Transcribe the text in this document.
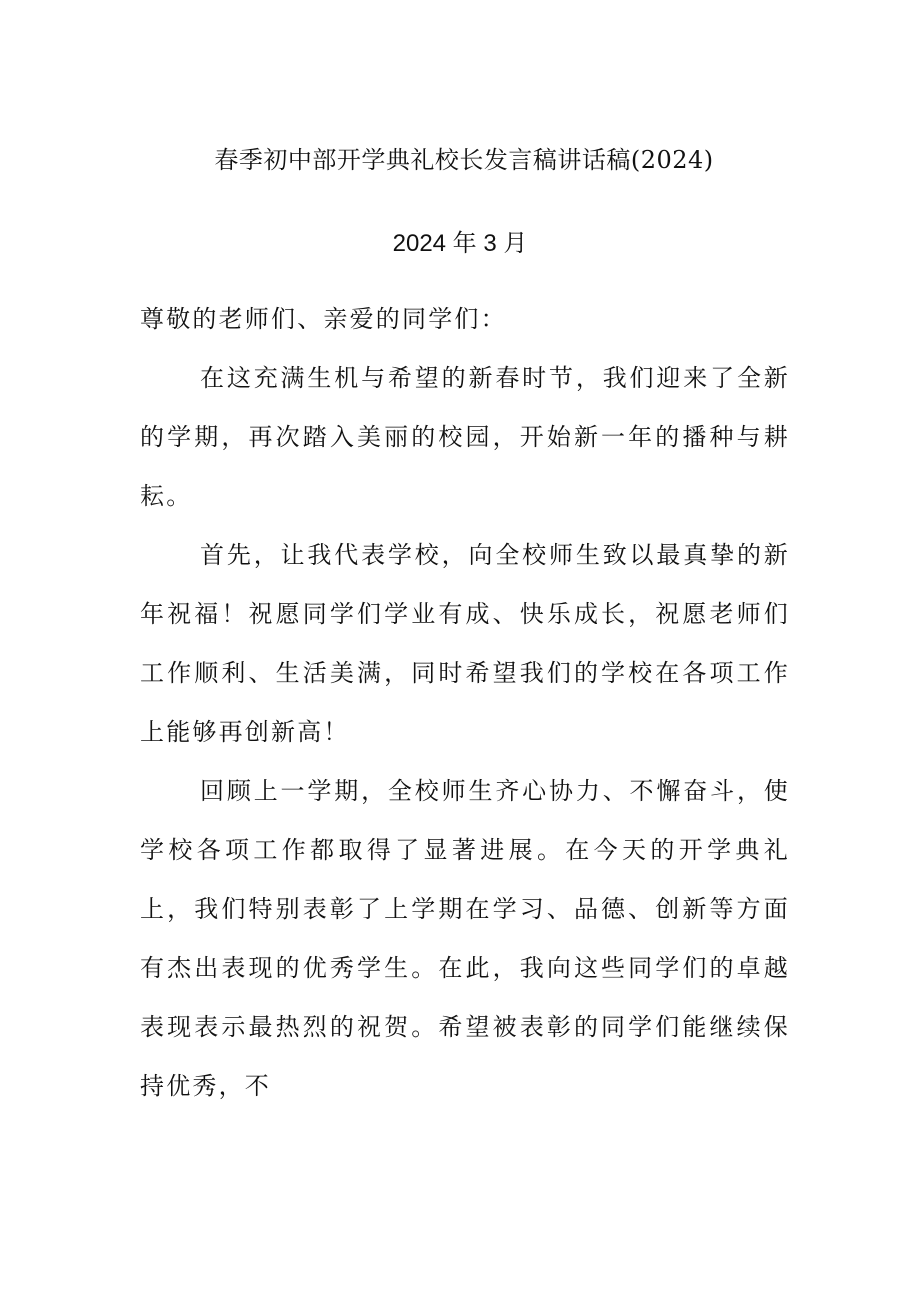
春季初中部开学典礼校长发言稿讲话稿(2024)
2024 年 3 月

尊敬的老师们、亲爱的同学们：

在这充满生机与希望的新春时节，我们迎来了全新的学期，再次踏入美丽的校园，开始新一年的播种与耕耘。

首先，让我代表学校，向全校师生致以最真挚的新年祝福！祝愿同学们学业有成、快乐成长，祝愿老师们工作顺利、生活美满，同时希望我们的学校在各项工作上能够再创新高！

回顾上一学期，全校师生齐心协力、不懈奋斗，使学校各项工作都取得了显著进展。在今天的开学典礼上，我们特别表彰了上学期在学习、品德、创新等方面有杰出表现的优秀学生。在此，我向这些同学们的卓越表现表示最热烈的祝贺。希望被表彰的同学们能继续保持优秀，不
